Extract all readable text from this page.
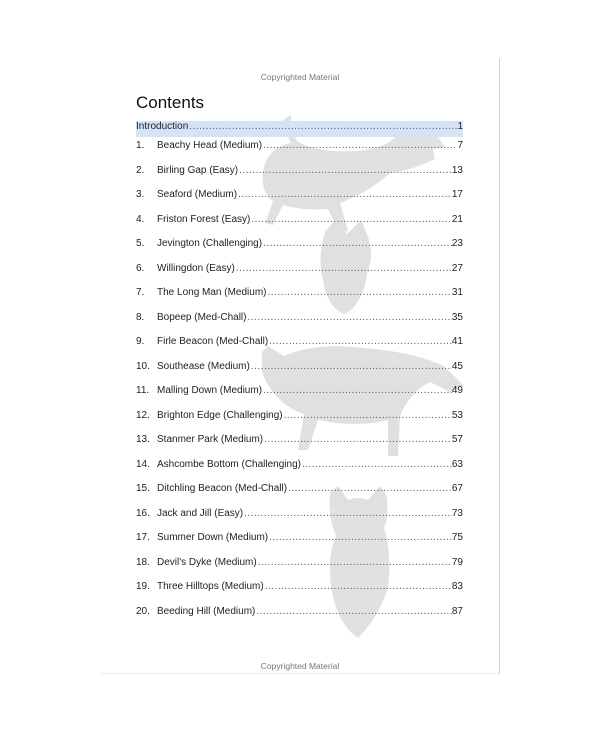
Copyrighted Material
Contents
Introduction .....	1
1.	Beachy Head (Medium) .....	7
2.	Birling Gap (Easy) .....	13
3.	Seaford (Medium) .....	17
4.	Friston Forest (Easy) .....	21
5.	Jevington (Challenging) .....	23
6.	Willingdon (Easy) .....	27
7.	The Long Man (Medium) .....	31
8.	Bopeep (Med-Chall) .....	35
9.	Firle Beacon (Med-Chall) .....	41
10. Southease (Medium) .....	45
11. Malling Down (Medium) .....	49
12. Brighton Edge (Challenging) .....	53
13. Stanmer Park (Medium) .....	57
14. Ashcombe Bottom (Challenging) .....	63
15. Ditchling Beacon (Med-Chall) .....	67
16. Jack and Jill (Easy) .....	73
17. Summer Down (Medium) .....	75
18. Devil's Dyke (Medium) .....	79
19. Three Hilltops (Medium) .....	83
20. Beeding Hill (Medium) .....	87
Copyrighted Material
